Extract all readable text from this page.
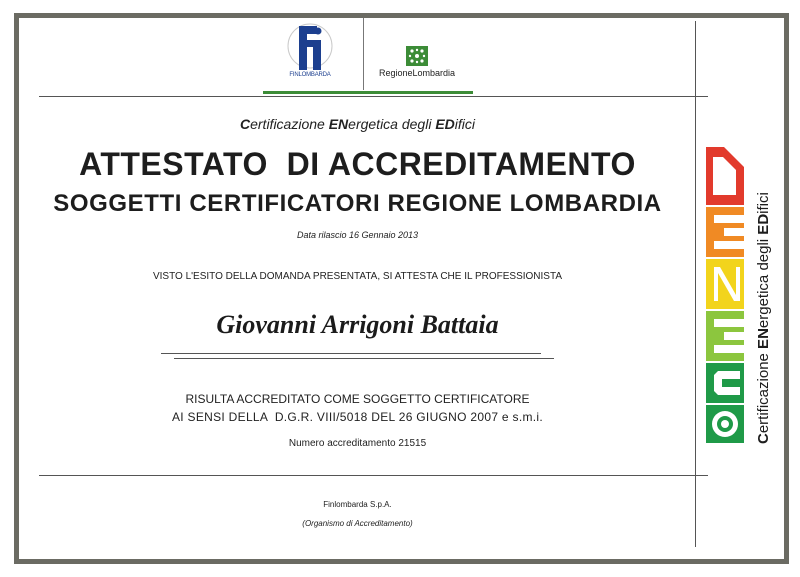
FINLOMBARDA	RegioneLombardia
Certificazione ENergetica degli EDifici
ATTESTATO  DI ACCREDITAMENTO
SOGGETTI CERTIFICATORI REGIONE LOMBARDIA
Data rilascio 16 Gennaio 2013
VISTO L'ESITO DELLA DOMANDA PRESENTATA, SI ATTESTA CHE IL PROFESSIONISTA
Giovanni Arrigoni Battaia
RISULTA ACCREDITATO COME SOGGETTO CERTIFICATORE
AI SENSI DELLA  D.G.R. VIII/5018 DEL 26 GIUGNO 2007 e s.m.i.
Numero accreditamento 21515
Finlombarda S.p.A.
(Organismo di Accreditamento)
Certificazione ENergetica degli EDifici
